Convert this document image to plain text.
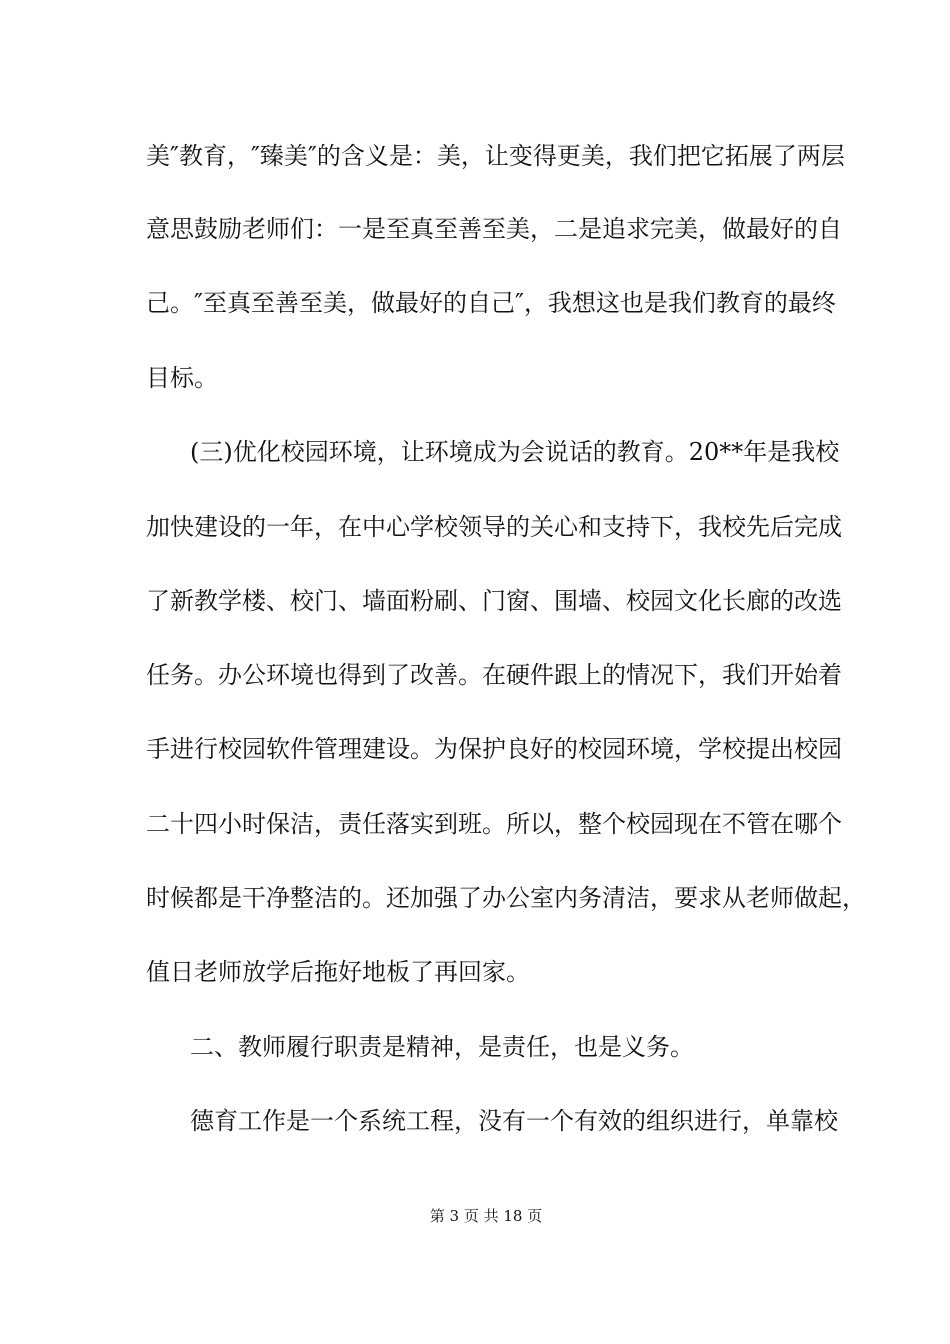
美″教育，″臻美″的含义是：美，让变得更美，我们把它拓展了两层
意思鼓励老师们：一是至真至善至美，二是追求完美，做最好的自
己。″至真至善至美，做最好的自己″，我想这也是我们教育的最终
目标。
(三)优化校园环境，让环境成为会说话的教育。20**年是我校
加快建设的一年，在中心学校领导的关心和支持下，我校先后完成
了新教学楼、校门、墙面粉刷、门窗、围墙、校园文化长廊的改选
任务。办公环境也得到了改善。在硬件跟上的情况下，我们开始着
手进行校园软件管理建设。为保护良好的校园环境，学校提出校园
二十四小时保洁，责任落实到班。所以，整个校园现在不管在哪个
时候都是干净整洁的。还加强了办公室内务清洁，要求从老师做起，
值日老师放学后拖好地板了再回家。
二、教师履行职责是精神，是责任，也是义务。
德育工作是一个系统工程，没有一个有效的组织进行，单靠校
第 3 页 共 18 页
